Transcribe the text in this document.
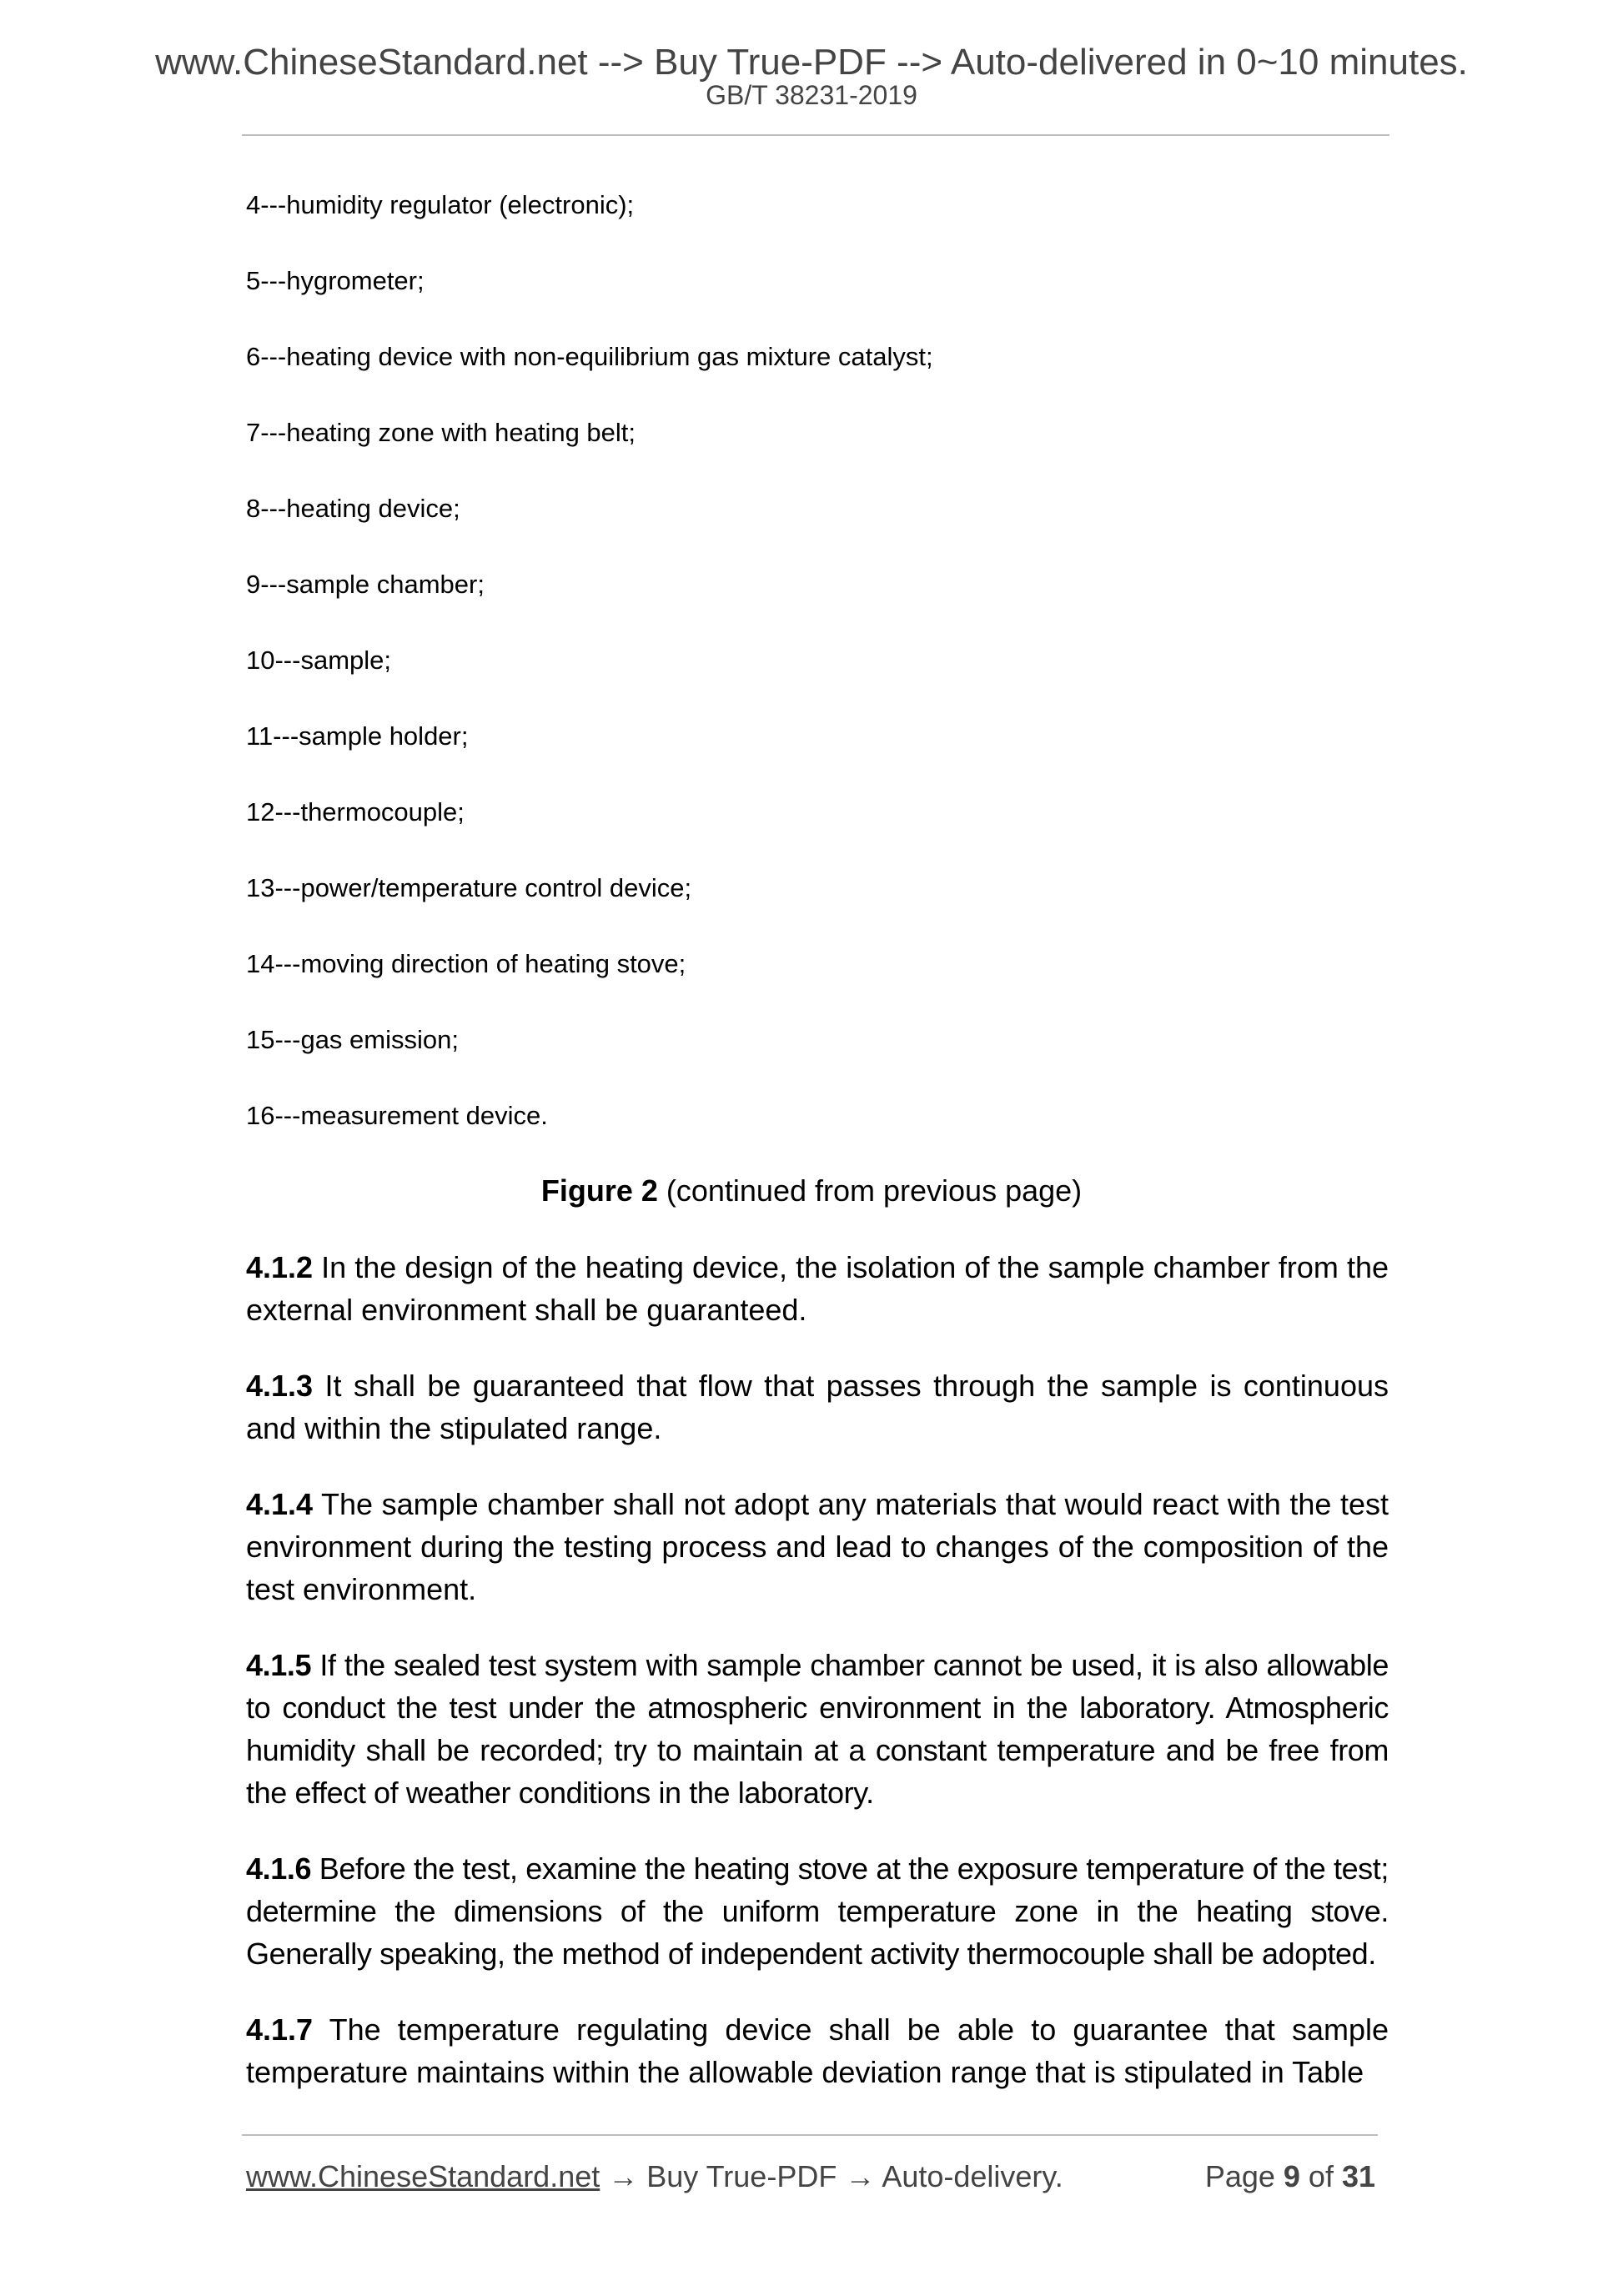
www.ChineseStandard.net --> Buy True-PDF --> Auto-delivered in 0~10 minutes.
GB/T 38231-2019
4---humidity regulator (electronic);
5---hygrometer;
6---heating device with non-equilibrium gas mixture catalyst;
7---heating zone with heating belt;
8---heating device;
9---sample chamber;
10---sample;
11---sample holder;
12---thermocouple;
13---power/temperature control device;
14---moving direction of heating stove;
15---gas emission;
16---measurement device.
Figure 2 (continued from previous page)

4.1.2 In the design of the heating device, the isolation of the sample chamber from the external environment shall be guaranteed.

4.1.3 It shall be guaranteed that flow that passes through the sample is continuous and within the stipulated range.

4.1.4 The sample chamber shall not adopt any materials that would react with the test environment during the testing process and lead to changes of the composition of the test environment.

4.1.5 If the sealed test system with sample chamber cannot be used, it is also allowable to conduct the test under the atmospheric environment in the laboratory. Atmospheric humidity shall be recorded; try to maintain at a constant temperature and be free from the effect of weather conditions in the laboratory.

4.1.6 Before the test, examine the heating stove at the exposure temperature of the test; determine the dimensions of the uniform temperature zone in the heating stove. Generally speaking, the method of independent activity thermocouple shall be adopted.

4.1.7 The temperature regulating device shall be able to guarantee that sample temperature maintains within the allowable deviation range that is stipulated in Table

www.ChineseStandard.net → Buy True-PDF → Auto-delivery.	Page 9 of 31
